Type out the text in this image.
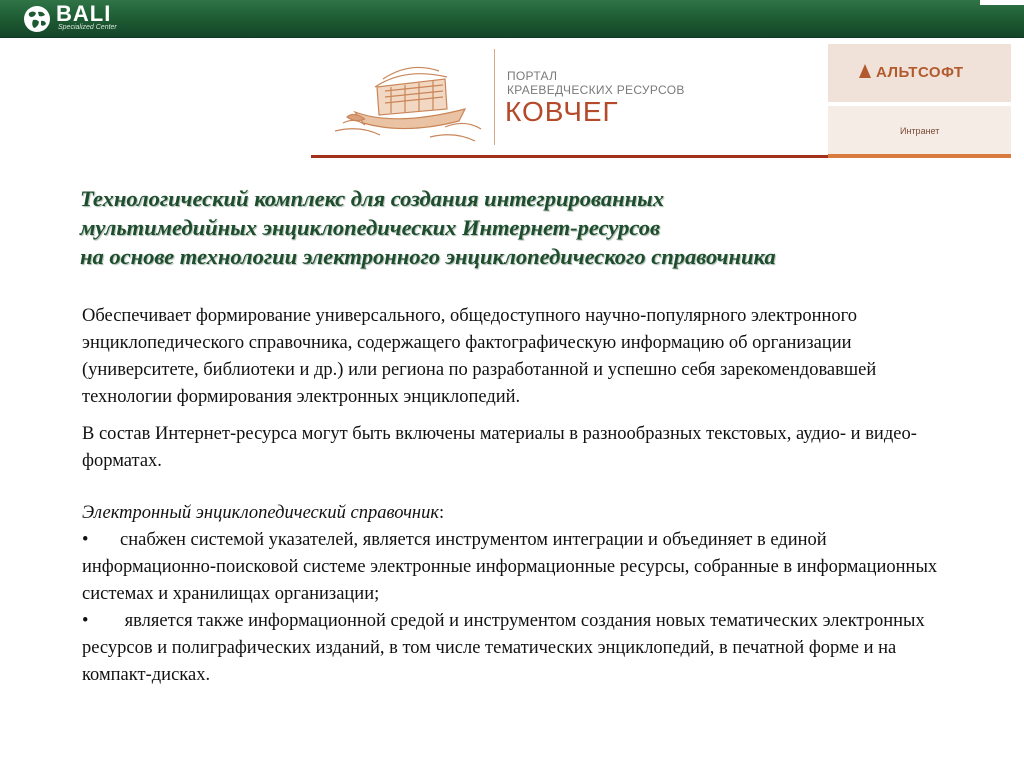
BALI
Specialized Center
ПОРТАЛ
КРАЕВЕДЧЕСКИХ РЕСУРСОВ
КОВЧЕГ
АЛЬТСОФТ
Интранет
Технологический комплекс для создания интегрированных
мультимедийных энциклопедических Интернет-ресурсов
на основе технологии электронного энциклопедического справочника

Обеспечивает формирование универсального, общедоступного научно-популярного электронного энциклопедического справочника, содержащего фактографическую информацию об организации (университете, библиотеки и др.) или региона по разработанной и успешно себя зарекомендовавшей технологии формирования электронных энциклопедий.

В состав Интернет-ресурса могут быть включены материалы в разнообразных текстовых, аудио- и видео- форматах.

Электронный энциклопедический справочник:

• снабжен системой указателей, является инструментом интеграции и объединяет в единой информационно-поисковой системе электронные информационные ресурсы, собранные в информационных системах и хранилищах организации;

• является также информационной средой и инструментом создания новых тематических электронных ресурсов и полиграфических изданий, в том числе тематических энциклопедий, в печатной форме и на компакт-дисках.
